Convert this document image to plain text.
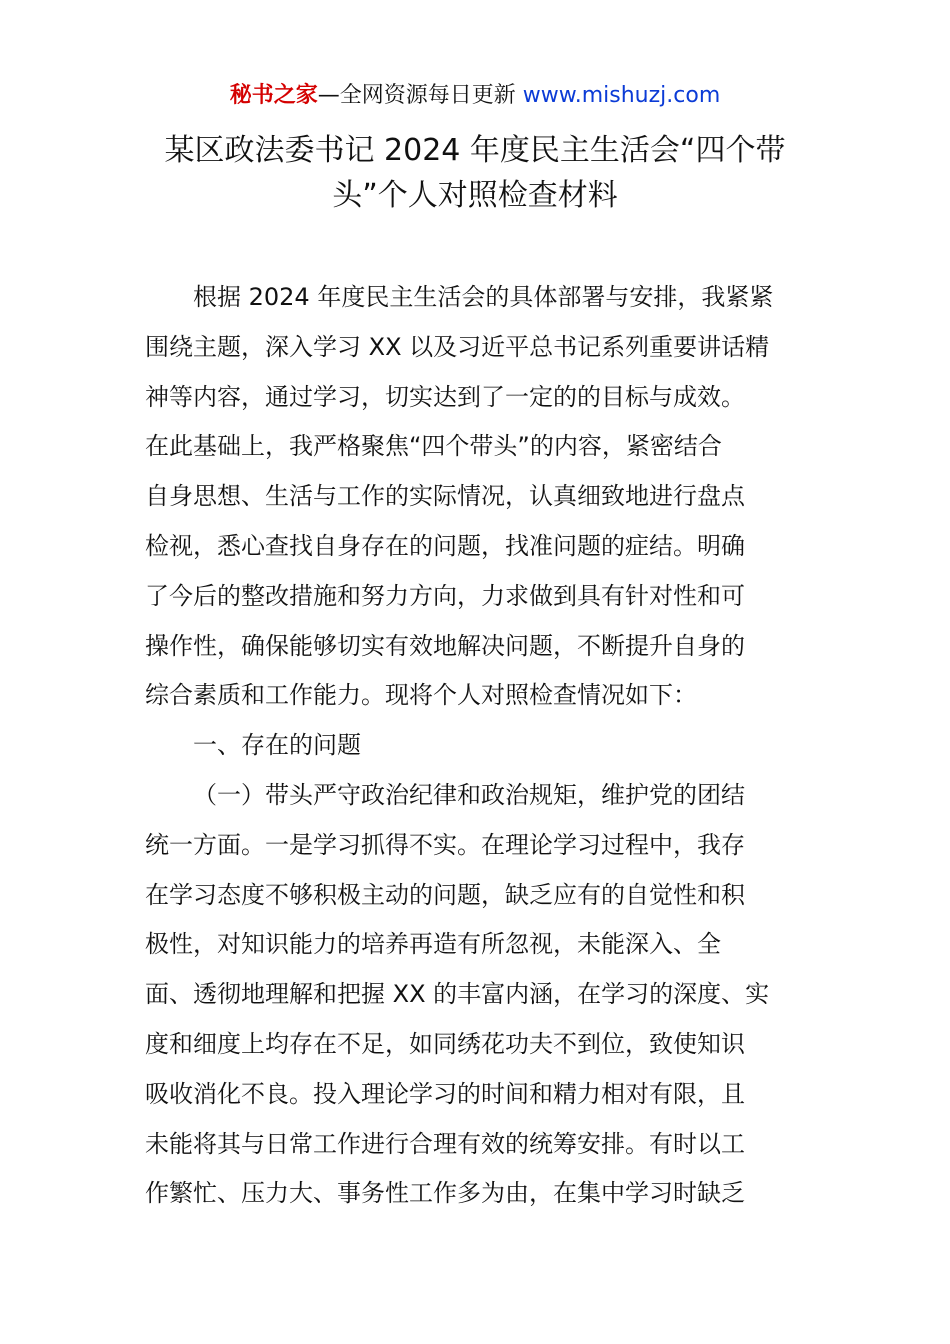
秘书之家—全网资源每日更新 www.mishuzj.com
某区政法委书记 2024 年度民主生活会“四个带
头”个人对照检查材料
根据 2024 年度民主生活会的具体部署与安排，我紧紧
围绕主题，深入学习 XX 以及习近平总书记系列重要讲话精
神等内容，通过学习，切实达到了一定的的目标与成效。
在此基础上，我严格聚焦“四个带头”的内容，紧密结合
自身思想、生活与工作的实际情况，认真细致地进行盘点
检视，悉心查找自身存在的问题，找准问题的症结。明确
了今后的整改措施和努力方向，力求做到具有针对性和可
操作性，确保能够切实有效地解决问题，不断提升自身的
综合素质和工作能力。现将个人对照检查情况如下：
一、存在的问题
（一）带头严守政治纪律和政治规矩，维护党的团结
统一方面。一是学习抓得不实。在理论学习过程中，我存
在学习态度不够积极主动的问题，缺乏应有的自觉性和积
极性，对知识能力的培养再造有所忽视，未能深入、全
面、透彻地理解和把握 XX 的丰富内涵，在学习的深度、实
度和细度上均存在不足，如同绣花功夫不到位，致使知识
吸收消化不良。投入理论学习的时间和精力相对有限，且
未能将其与日常工作进行合理有效的统筹安排。有时以工
作繁忙、压力大、事务性工作多为由，在集中学习时缺乏
